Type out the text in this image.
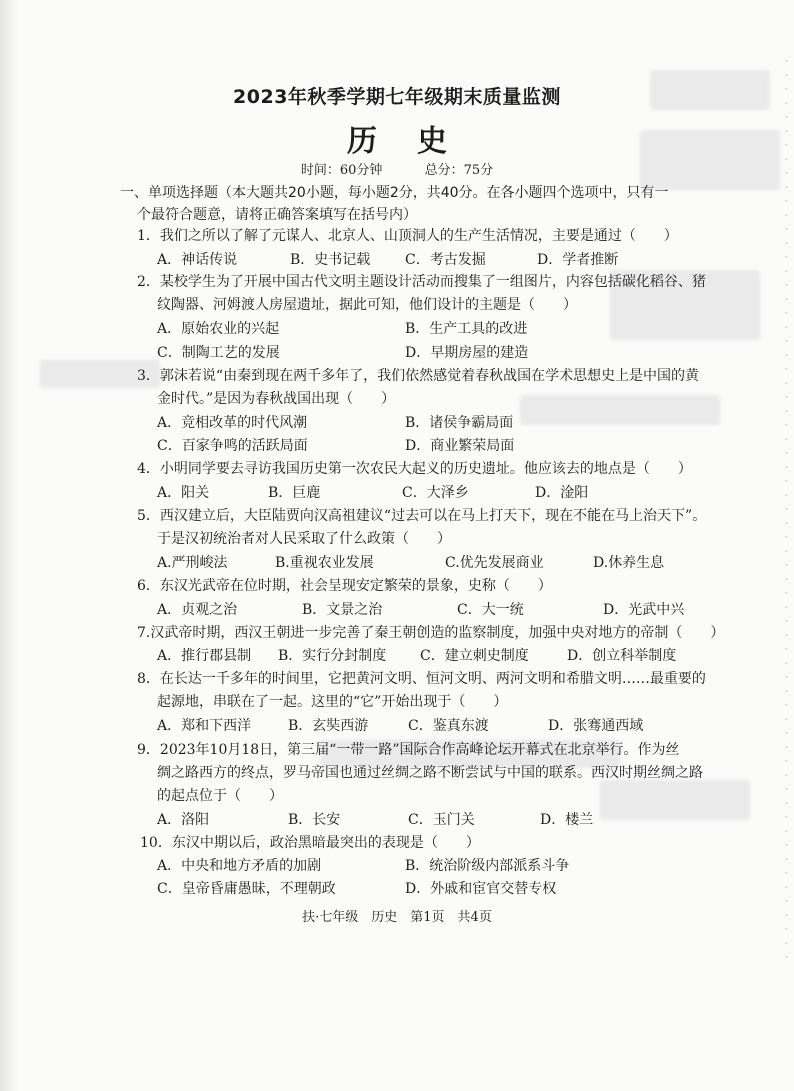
2023年秋季学期七年级期末质量监测
历史
时间：60分钟	总分：75分
一、单项选择题（本大题共20小题，每小题2分，共40分。在各小题四个选项中，只有一
个最符合题意，请将正确答案填写在括号内）
1．我们之所以了解了元谋人、北京人、山顶洞人的生产生活情况，主要是通过（　　）
A．神话传说	B．史书记载 C．考古发掘	D．学者推断
2．某校学生为了开展中国古代文明主题设计活动而搜集了一组图片，内容包括碳化稻谷、猪
纹陶器、河姆渡人房屋遗址，据此可知，他们设计的主题是（　　）
A．原始农业的兴起	B．生产工具的改进
C．制陶工艺的发展	D．早期房屋的建造
3．郭沫若说“由秦到现在两千多年了，我们依然感觉着春秋战国在学术思想史上是中国的黄
金时代。”是因为春秋战国出现（　　）
A．竞相改革的时代风潮	B．诸侯争霸局面
C．百家争鸣的活跃局面	D．商业繁荣局面
4．小明同学要去寻访我国历史第一次农民大起义的历史遗址。他应该去的地点是（　　）
A．阳关	B．巨鹿	C．大泽乡	D．淦阳
5．西汉建立后，大臣陆贾向汉高祖建议“过去可以在马上打天下，现在不能在马上治天下”。
于是汉初统治者对人民采取了什么政策（　　）
A.严刑峻法	B.重视农业发展	C.优先发展商业	D.休养生息
6．东汉光武帝在位时期，社会呈现安定繁荣的景象，史称（　　）
A．贞观之治	B．文景之治	C．大一统	D．光武中兴
7.汉武帝时期，西汉王朝进一步完善了秦王朝创造的监察制度，加强中央对地方的帝制（　　）
A．推行郡县制 B．实行分封制度 C．建立刺史制度	D．创立科举制度
8．在长达一千多年的时间里，它把黄河文明、恒河文明、两河文明和希腊文明……最重要的
起源地，串联在了一起。这里的“它”开始出现于（　　）
A．郑和下西洋	B．玄奘西游	C．鉴真东渡	D．张骞通西域
9．2023年10月18日，第三届“一带一路”国际合作高峰论坛开幕式在北京举行。作为丝
绸之路西方的终点，罗马帝国也通过丝绸之路不断尝试与中国的联系。西汉时期丝绸之路
的起点位于（　　）
A．洛阳	B．长安	C．玉门关	D．楼兰
10．东汉中期以后，政治黑暗最突出的表现是（　　）
A．中央和地方矛盾的加剧	B．统治阶级内部派系斗争
C．皇帝昏庸愚昧，不理朝政	D．外戚和宦官交替专权
扶·七年级　历史　第1页　共4页
